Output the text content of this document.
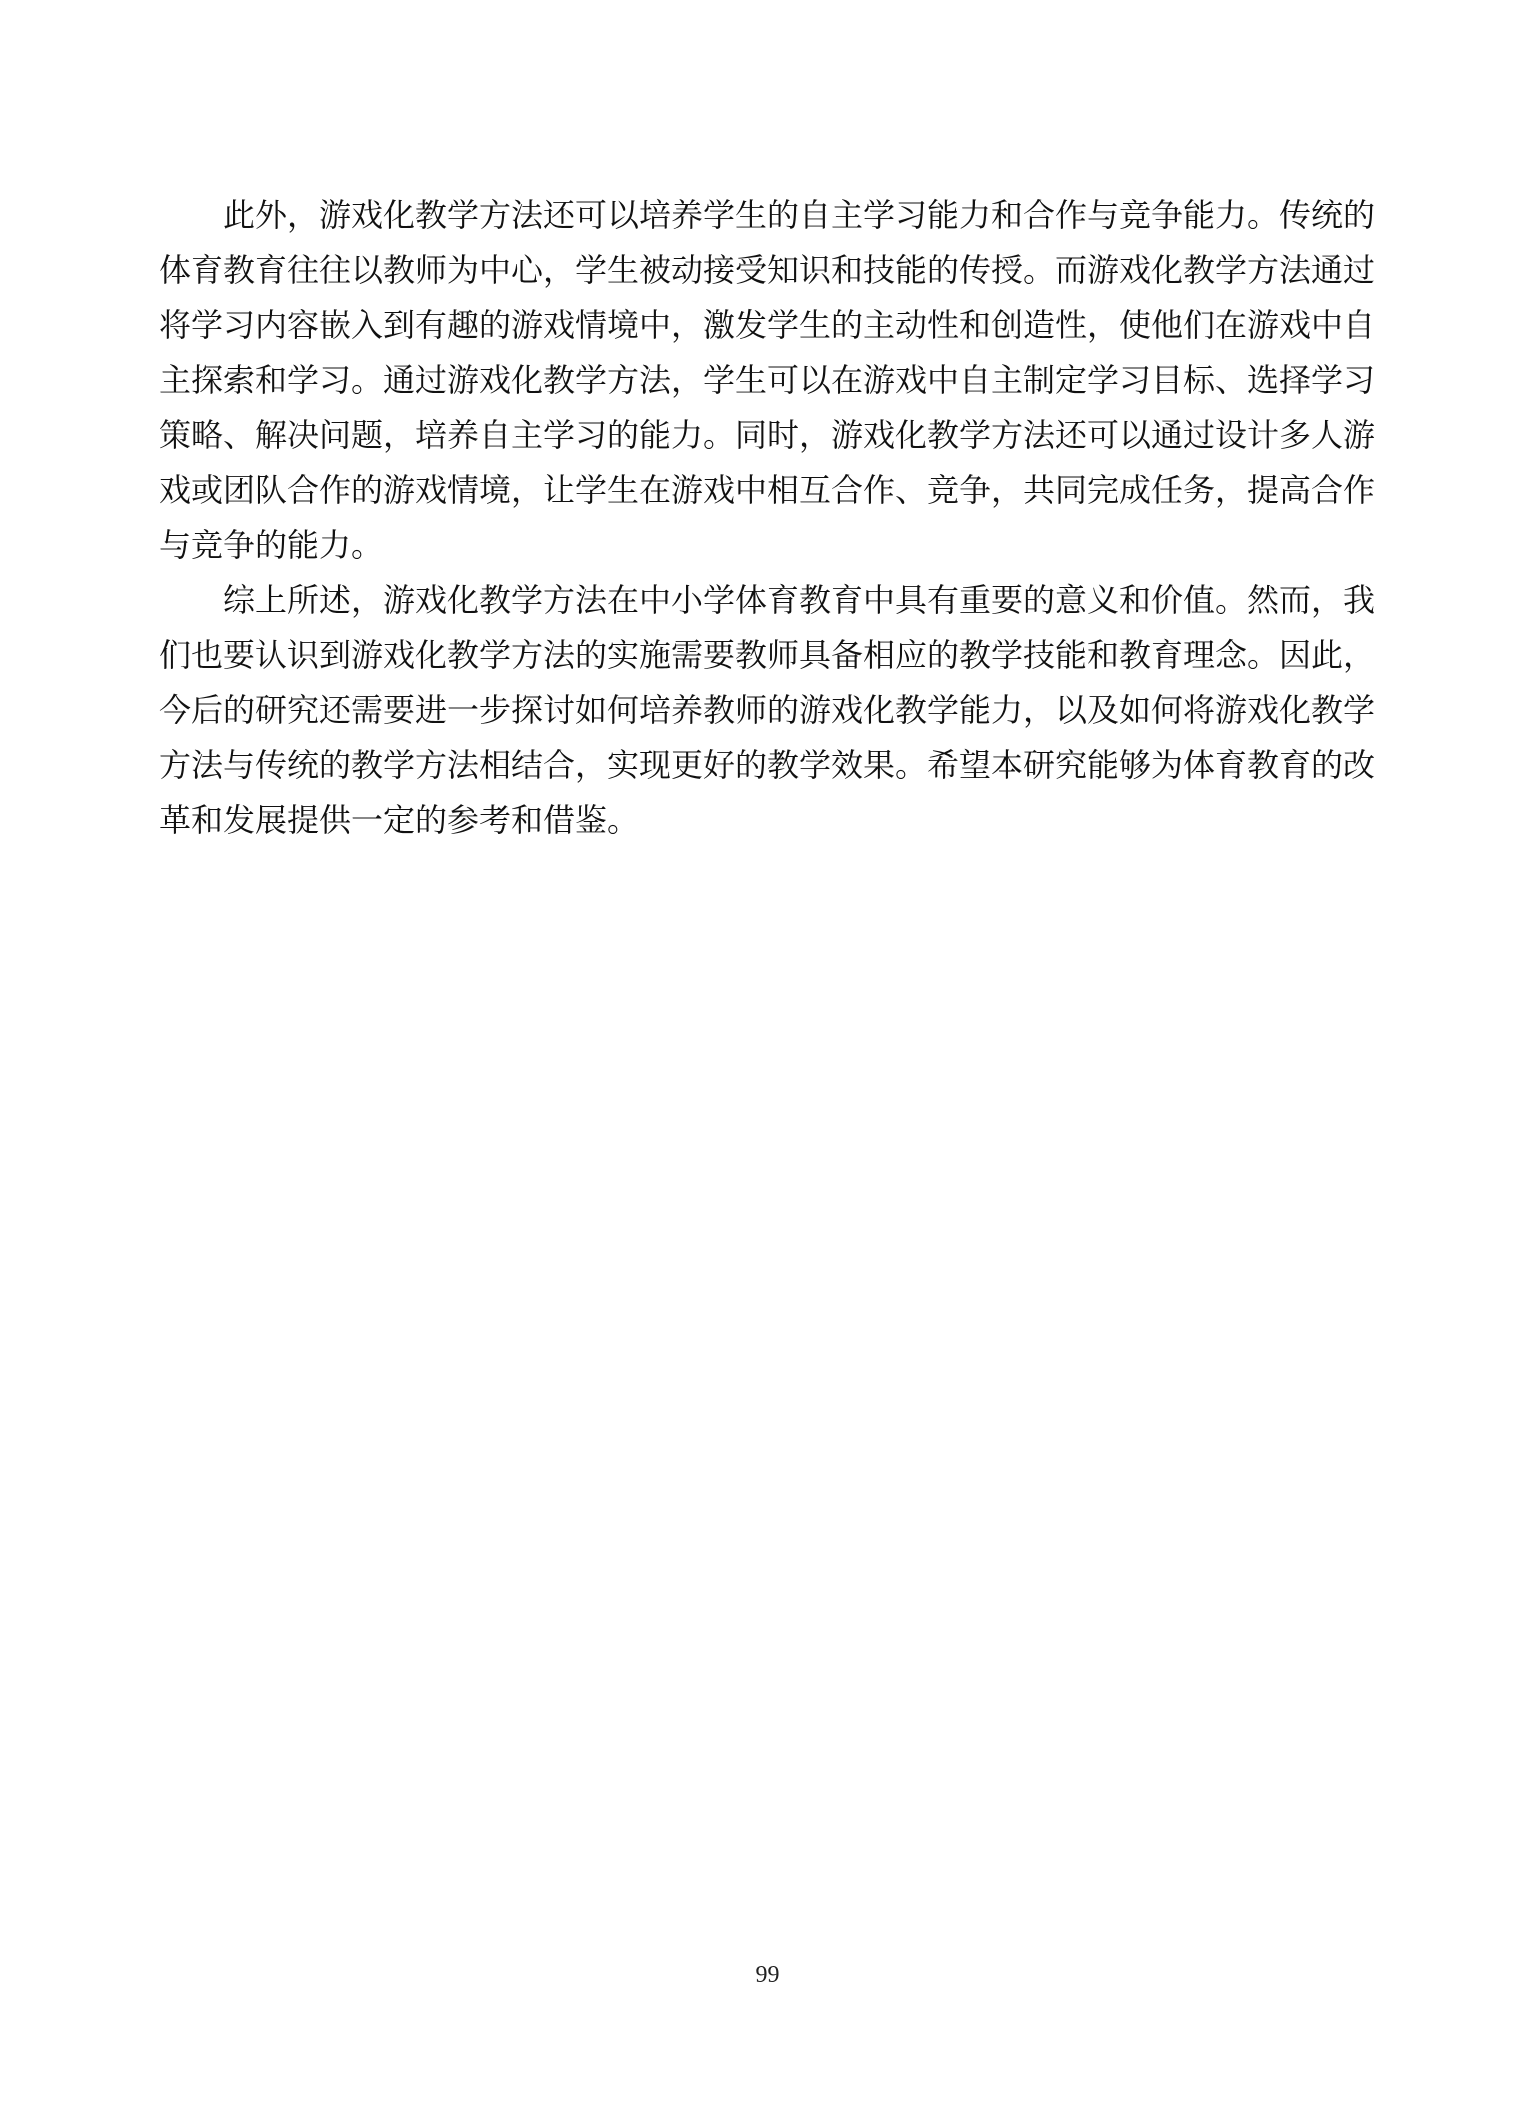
此外，游戏化教学方法还可以培养学生的自主学习能力和合作与竞争能力。传统的体育教育往往以教师为中心，学生被动接受知识和技能的传授。而游戏化教学方法通过将学习内容嵌入到有趣的游戏情境中，激发学生的主动性和创造性，使他们在游戏中自主探索和学习。通过游戏化教学方法，学生可以在游戏中自主制定学习目标、选择学习策略、解决问题，培养自主学习的能力。同时，游戏化教学方法还可以通过设计多人游戏或团队合作的游戏情境，让学生在游戏中相互合作、竞争，共同完成任务，提高合作与竞争的能力。

综上所述，游戏化教学方法在中小学体育教育中具有重要的意义和价值。然而，我们也要认识到游戏化教学方法的实施需要教师具备相应的教学技能和教育理念。因此，今后的研究还需要进一步探讨如何培养教师的游戏化教学能力，以及如何将游戏化教学方法与传统的教学方法相结合，实现更好的教学效果。希望本研究能够为体育教育的改革和发展提供一定的参考和借鉴。

99
